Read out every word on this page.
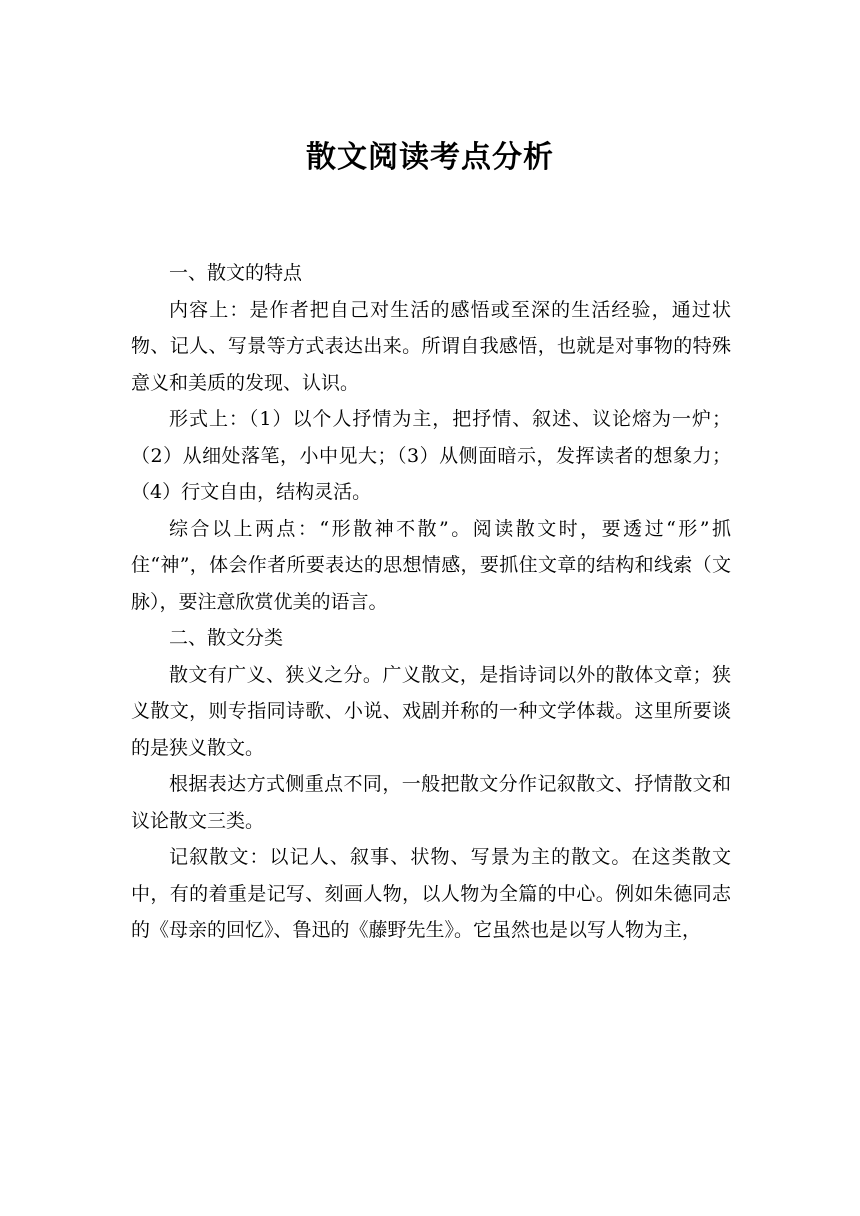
散文阅读考点分析

一、散文的特点

内容上：是作者把自己对生活的感悟或至深的生活经验，通过状物、记人、写景等方式表达出来。所谓自我感悟，也就是对事物的特殊意义和美质的发现、认识。

形式上：（1）以个人抒情为主，把抒情、叙述、议论熔为一炉；（2）从细处落笔，小中见大；（3）从侧面暗示，发挥读者的想象力；（4）行文自由，结构灵活。

综合以上两点：“形散神不散”。阅读散文时，要透过“形”抓住“神”，体会作者所要表达的思想情感，要抓住文章的结构和线索（文脉），要注意欣赏优美的语言。

二、散文分类

散文有广义、狭义之分。广义散文，是指诗词以外的散体文章；狭义散文，则专指同诗歌、小说、戏剧并称的一种文学体裁。这里所要谈的是狭义散文。

根据表达方式侧重点不同，一般把散文分作记叙散文、抒情散文和议论散文三类。

记叙散文：以记人、叙事、状物、写景为主的散文。在这类散文中，有的着重是记写、刻画人物，以人物为全篇的中心。例如朱德同志的《母亲的回忆》、鲁迅的《藤野先生》。它虽然也是以写人物为主，
